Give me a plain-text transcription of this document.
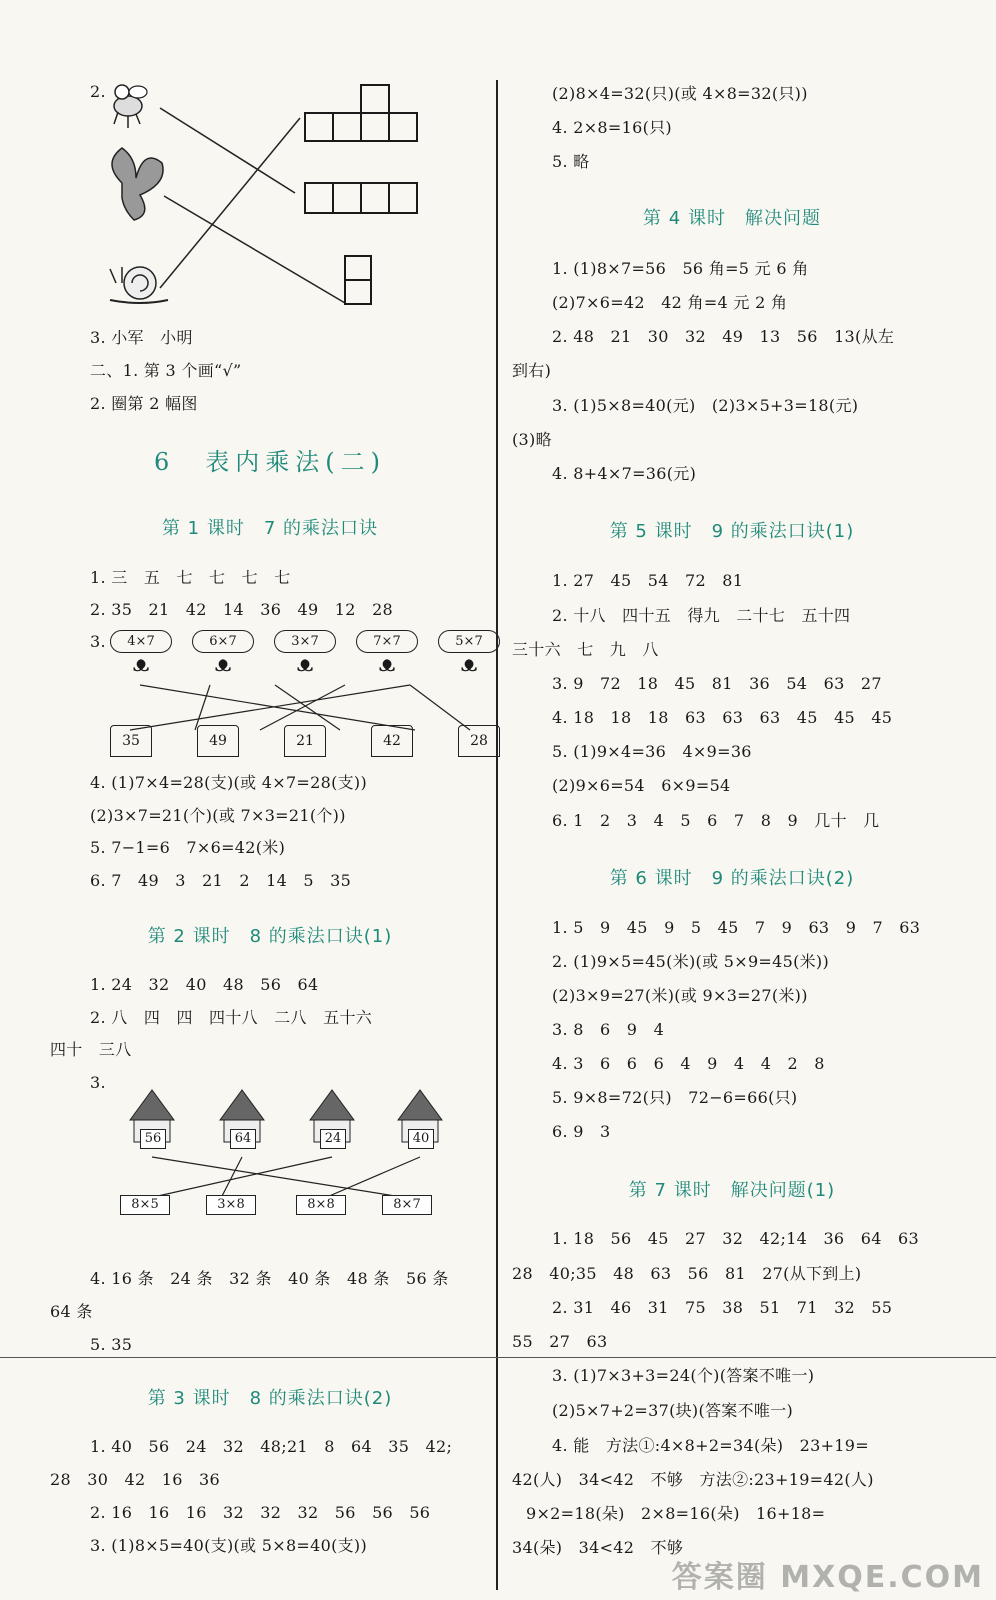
2.
3. 小军　小明
二、1. 第 3 个画“√”
2. 圈第 2 幅图
6　表内乘法(二)
第 1 课时　7 的乘法口诀
1. 三　五　七　七　七　七
2. 35　21　42　14　36　49　12　28
3.	4×7
ᴥ
6×7
ᴥ
3×7
ᴥ
7×7
ᴥ
5×7
ᴥ
35	49	21	42	28
4. (1)7×4=28(支)(或 4×7=28(支))
(2)3×7=21(个)(或 7×3=21(个))
5. 7−1=6　7×6=42(米)
6. 7　49　3　21　2　14　5　35
第 2 课时　8 的乘法口诀(1)
1. 24　32　40　48　56　64
2. 八　四　四　四十八　二八　五十六
四十　三八
3.
56	64	24	40
8×5	3×8	8×8	8×7
4. 16 条　24 条　32 条　40 条　48 条　56 条
64 条
5. 35
第 3 课时　8 的乘法口诀(2)
1. 40　56　24　32　48;21　8　64　35　42;
28　30　42　16　36
2. 16　16　16　32　32　32　56　56　56
3. (1)8×5=40(支)(或 5×8=40(支))
(2)8×4=32(只)(或 4×8=32(只))
4. 2×8=16(只)
5. 略
第 4 课时　解决问题
1. (1)8×7=56　56 角=5 元 6 角
(2)7×6=42　42 角=4 元 2 角
2. 48　21　30　32　49　13　56　13(从左
到右)
3. (1)5×8=40(元)　(2)3×5+3=18(元)
(3)略
4. 8+4×7=36(元)
第 5 课时　9 的乘法口诀(1)
1. 27　45　54　72　81
2. 十八　四十五　得九　二十七　五十四
三十六　七　九　八
3. 9　72　18　45　81　36　54　63　27
4. 18　18　18　63　63　63　45　45　45
5. (1)9×4=36　4×9=36
(2)9×6=54　6×9=54
6. 1　2　3　4　5　6　7　8　9　几十　几
第 6 课时　9 的乘法口诀(2)
1. 5　9　45　9　5　45　7　9　63　9　7　63
2. (1)9×5=45(米)(或 5×9=45(米))
(2)3×9=27(米)(或 9×3=27(米))
3. 8　6　9　4
4. 3　6　6　6　4　9　4　4　2　8
5. 9×8=72(只)　72−6=66(只)
6. 9　3
第 7 课时　解决问题(1)
1. 18　56　45　27　32　42;14　36　64　63
28　40;35　48　63　56　81　27(从下到上)
2. 31　46　31　75　38　51　71　32　55
55　27　63
3. (1)7×3+3=24(个)(答案不唯一)
(2)5×7+2=37(块)(答案不唯一)
4. 能　方法①:4×8+2=34(朵)　23+19=
42(人)　34<42　不够　方法②:23+19=42(人)
9×2=18(朵)　2×8=16(朵)　16+18=
34(朵)　34<42　不够
答案圈 MXQE.COM
